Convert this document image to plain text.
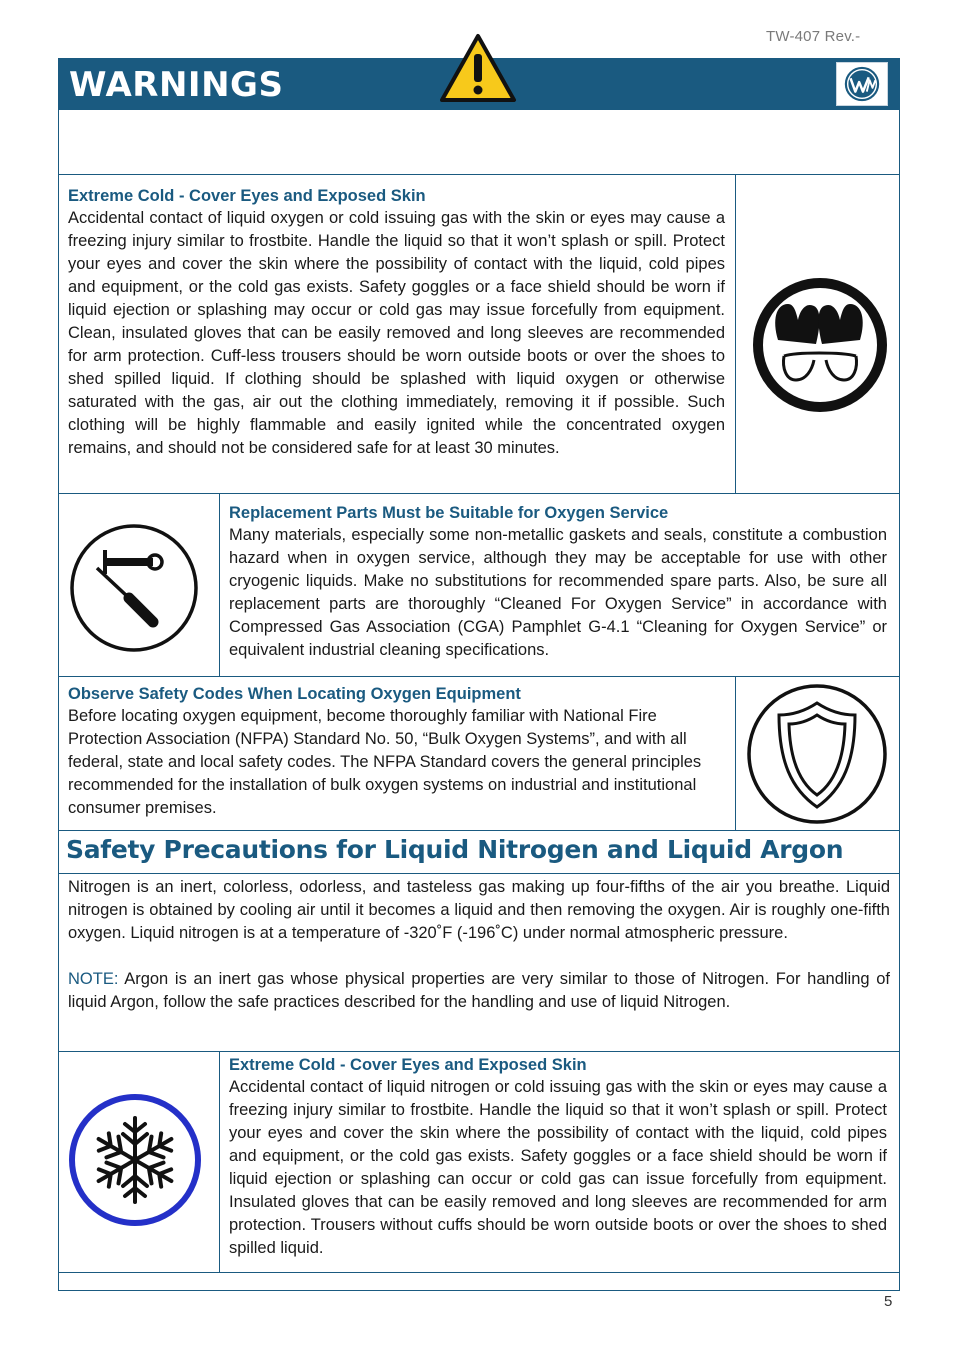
TW-407 Rev.-
WARNINGS
Extreme Cold - Cover Eyes and Exposed Skin
Accidental contact of liquid oxygen or cold issuing gas with the skin or eyes may cause a freezing injury similar to frostbite. Handle the liquid so that it won’t splash or spill. Protect your eyes and cover the skin where the possibility of contact with the liquid, cold pipes and equipment, or the cold gas exists. Safety goggles or a face shield should be worn if liquid ejection or splashing may occur or cold gas may issue forcefully from equipment. Clean, insulated gloves that can be easily removed and long sleeves are recommended for arm protection. Cuff-less trousers should be worn outside boots or over the shoes to shed spilled liquid. If clothing should be splashed with liquid oxygen or otherwise saturated with the gas, air out the clothing immediately, removing it if possible. Such clothing will be highly flammable and easily ignited while the concentrated oxygen remains, and should not be considered safe for at least 30 minutes.
Replacement Parts Must be Suitable for Oxygen Service
Many materials, especially some non-metallic gaskets and seals, constitute a combustion hazard when in oxygen service, although they may be acceptable for use with other cryogenic liquids. Make no substitutions for recommended spare parts. Also, be sure all replacement parts are thoroughly “Cleaned For Oxygen Service” in accordance with Compressed Gas Association (CGA) Pamphlet G-4.1 “Cleaning for Oxygen Service” or equivalent industrial cleaning specifications.
Observe Safety Codes When Locating Oxygen Equipment
Before locating oxygen equipment, become thoroughly familiar with National Fire Protection Association (NFPA) Standard No. 50, “Bulk Oxygen Systems”, and with all federal, state and local safety codes. The NFPA Standard covers the general principles recommended for the installation of bulk oxygen systems on industrial and institutional consumer premises.
Safety Precautions for Liquid Nitrogen and Liquid Argon
Nitrogen is an inert, colorless, odorless, and tasteless gas making up four-fifths of the air you breathe. Liquid nitrogen is obtained by cooling air until it becomes a liquid and then removing the oxygen. Air is roughly one-fifth oxygen. Liquid nitrogen is at a temperature of -320˚F (-196˚C) under normal atmospheric pressure.
NOTE: Argon is an inert gas whose physical properties are very similar to those of Nitrogen. For handling of liquid Argon, follow the safe practices described for the handling and use of liquid Nitrogen.
Extreme Cold - Cover Eyes and Exposed Skin
Accidental contact of liquid nitrogen or cold issuing gas with the skin or eyes may cause a freezing injury similar to frostbite. Handle the liquid so that it won’t splash or spill. Protect your eyes and cover the skin where the possibility of contact with the liquid, cold pipes and equipment, or the cold gas exists. Safety goggles or a face shield should be worn if liquid ejection or splashing can occur or cold gas can issue forcefully from equipment. Insulated gloves that can be easily removed and long sleeves are recommended for arm protection. Trousers without cuffs should be worn outside boots or over the shoes to shed spilled liquid.
5
